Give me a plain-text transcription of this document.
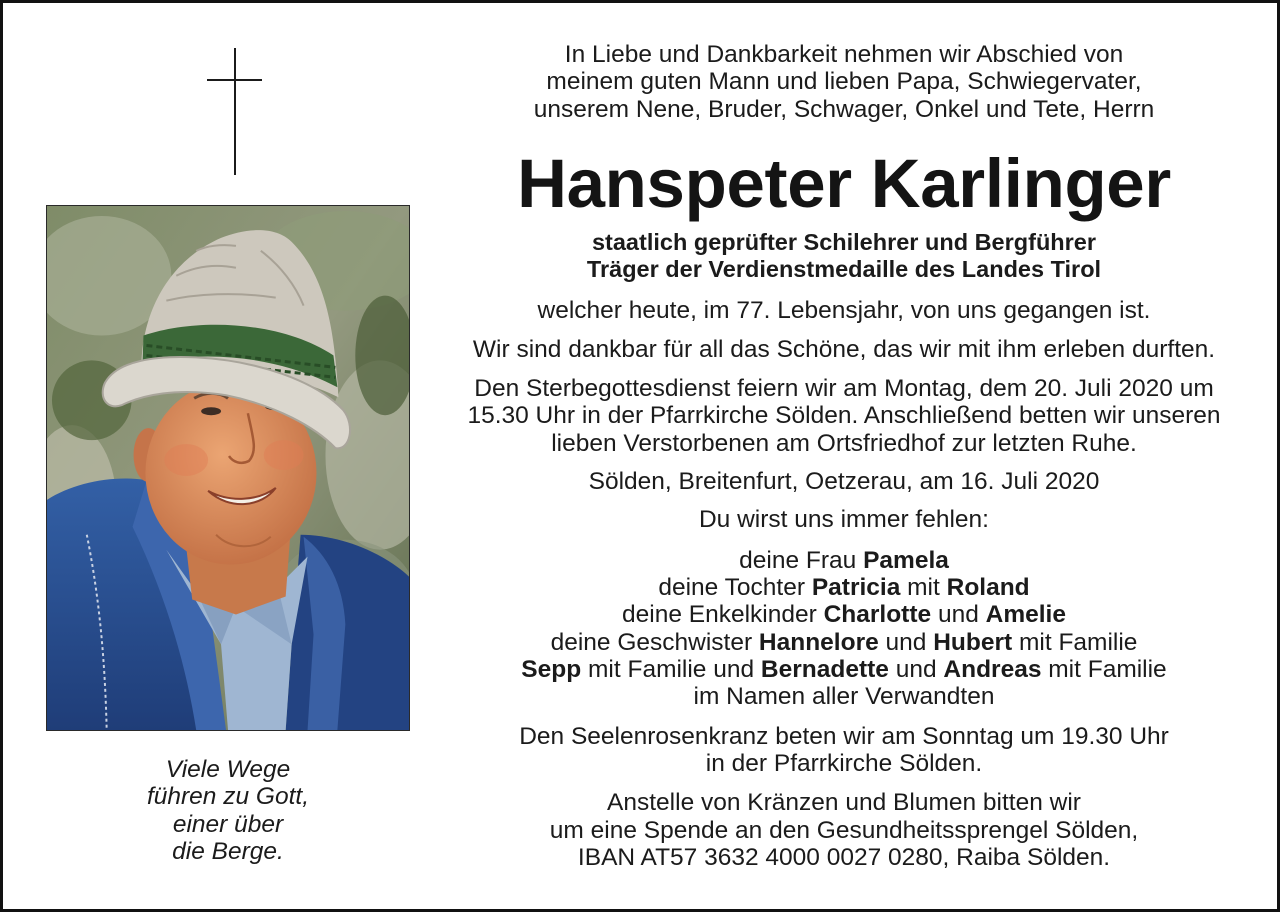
Viele Wege
führen zu Gott,
einer über
die Berge.
In Liebe und Dankbarkeit nehmen wir Abschied von
meinem guten Mann und lieben Papa, Schwiegervater,
unserem Nene, Bruder, Schwager, Onkel und Tete, Herrn
Hanspeter Karlinger
staatlich geprüfter Schilehrer und Bergführer
Träger der Verdienstmedaille des Landes Tirol
welcher heute, im 77. Lebensjahr, von uns gegangen ist.
Wir sind dankbar für all das Schöne, das wir mit ihm erleben durften.
Den Sterbegottesdienst feiern wir am Montag, dem 20. Juli 2020 um
15.30 Uhr in der Pfarrkirche Sölden. Anschließend betten wir unseren
lieben Verstorbenen am Ortsfriedhof zur letzten Ruhe.
Sölden, Breitenfurt, Oetzerau, am 16. Juli 2020
Du wirst uns immer fehlen:
deine Frau Pamela
deine Tochter Patricia mit Roland
deine Enkelkinder Charlotte und Amelie
deine Geschwister Hannelore und Hubert mit Familie
Sepp mit Familie und Bernadette und Andreas mit Familie
im Namen aller Verwandten
Den Seelenrosenkranz beten wir am Sonntag um 19.30 Uhr
in der Pfarrkirche Sölden.
Anstelle von Kränzen und Blumen bitten wir
um eine Spende an den Gesundheitssprengel Sölden,
IBAN AT57 3632 4000 0027 0280, Raiba Sölden.
